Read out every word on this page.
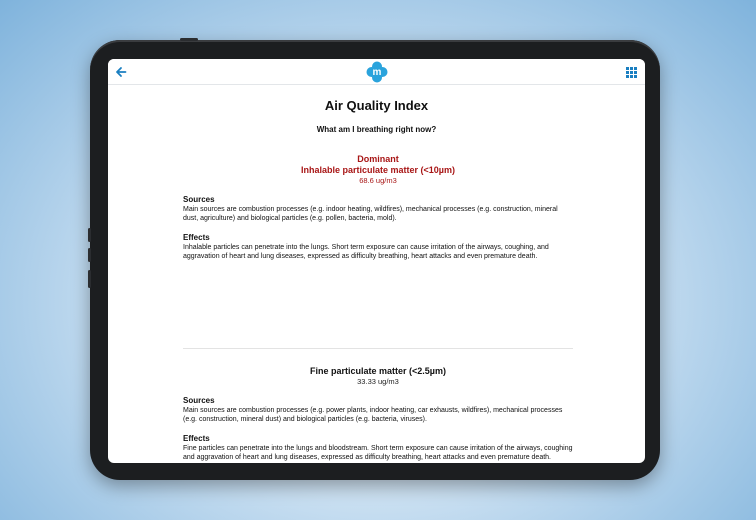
m
Air Quality Index
What am I breathing right now?
Dominant
Inhalable particulate matter (<10µm)
68.6 ug/m3
Sources
Main sources are combustion processes (e.g. indoor heating, wildfires), mechanical processes (e.g. construction, mineral dust, agriculture) and biological particles (e.g. pollen, bacteria, mold).
Effects
Inhalable particles can penetrate into the lungs. Short term exposure can cause irritation of the airways, coughing, and aggravation of heart and lung diseases, expressed as difficulty breathing, heart attacks and even premature death.
Fine particulate matter (<2.5µm)
33.33 ug/m3
Sources
Main sources are combustion processes (e.g. power plants, indoor heating, car exhausts, wildfires), mechanical processes (e.g. construction, mineral dust) and biological particles (e.g. bacteria, viruses).
Effects
Fine particles can penetrate into the lungs and bloodstream. Short term exposure can cause irritation of the airways, coughing and aggravation of heart and lung diseases, expressed as difficulty breathing, heart attacks and even premature death.
